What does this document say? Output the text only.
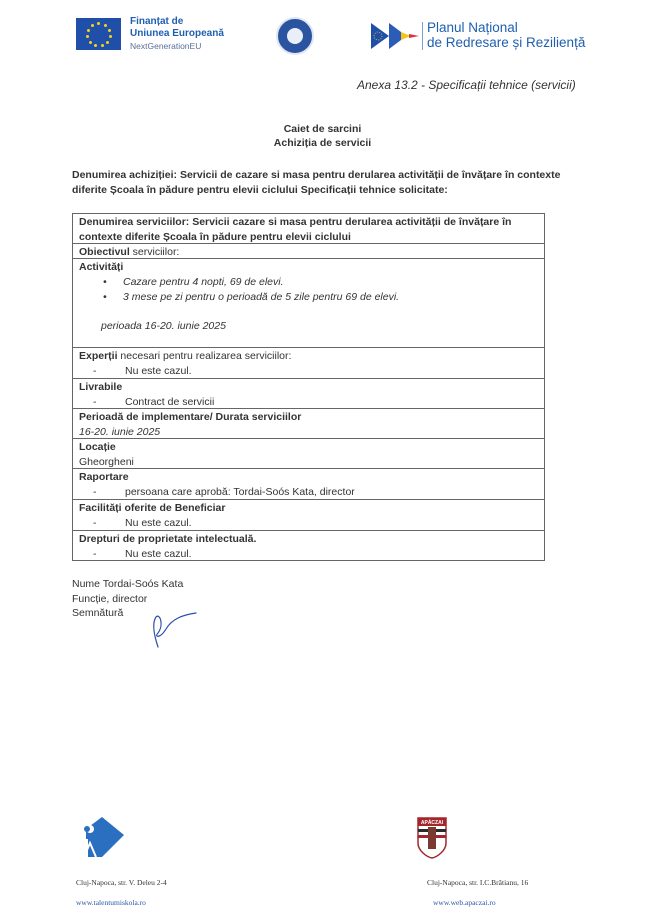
Finanțat de
Uniunea Europeană
NextGenerationEU
Planul Național
de Redresare și Reziliență
Anexa 13.2 - Specificații tehnice (servicii)
Caiet de sarcini
Achiziția de servicii
Denumirea achiziției: Servicii de cazare si masa pentru derularea activității de învățare în contexte diferite Școala în pădure pentru elevii ciclului Specificații tehnice solicitate:
Denumirea serviciilor: Servicii cazare si masa pentru derularea activității de învățare în contexte diferite Școala în pădure pentru elevii ciclului
Obiectivul serviciilor:
Activități
• Cazare pentru 4 nopti, 69 de elevi.
• 3 mese pe zi pentru o perioadă de 5 zile pentru 69 de elevi.
perioada 16-20. iunie 2025
Experții necesari pentru realizarea serviciilor:
-	Nu este cazul.
Livrabile
-	Contract de servicii
Perioadă de implementare/ Durata serviciilor
16-20. iunie 2025
Locație
Gheorgheni
Raportare
-	persoana care aprobă: Tordai-Soós Kata, director
Facilități oferite de Beneficiar
-	Nu este cazul.
Drepturi de proprietate intelectuală.
-	Nu este cazul.
Nume Tordai-Soós Kata
Funcție, director
Semnătură
Cluj-Napoca, str. V. Deleu 2-4
www.talentumiskola.ro
APÁCZAI
Cluj-Napoca, str. I.C.Brătianu, 16
www.web.apaczai.ro
